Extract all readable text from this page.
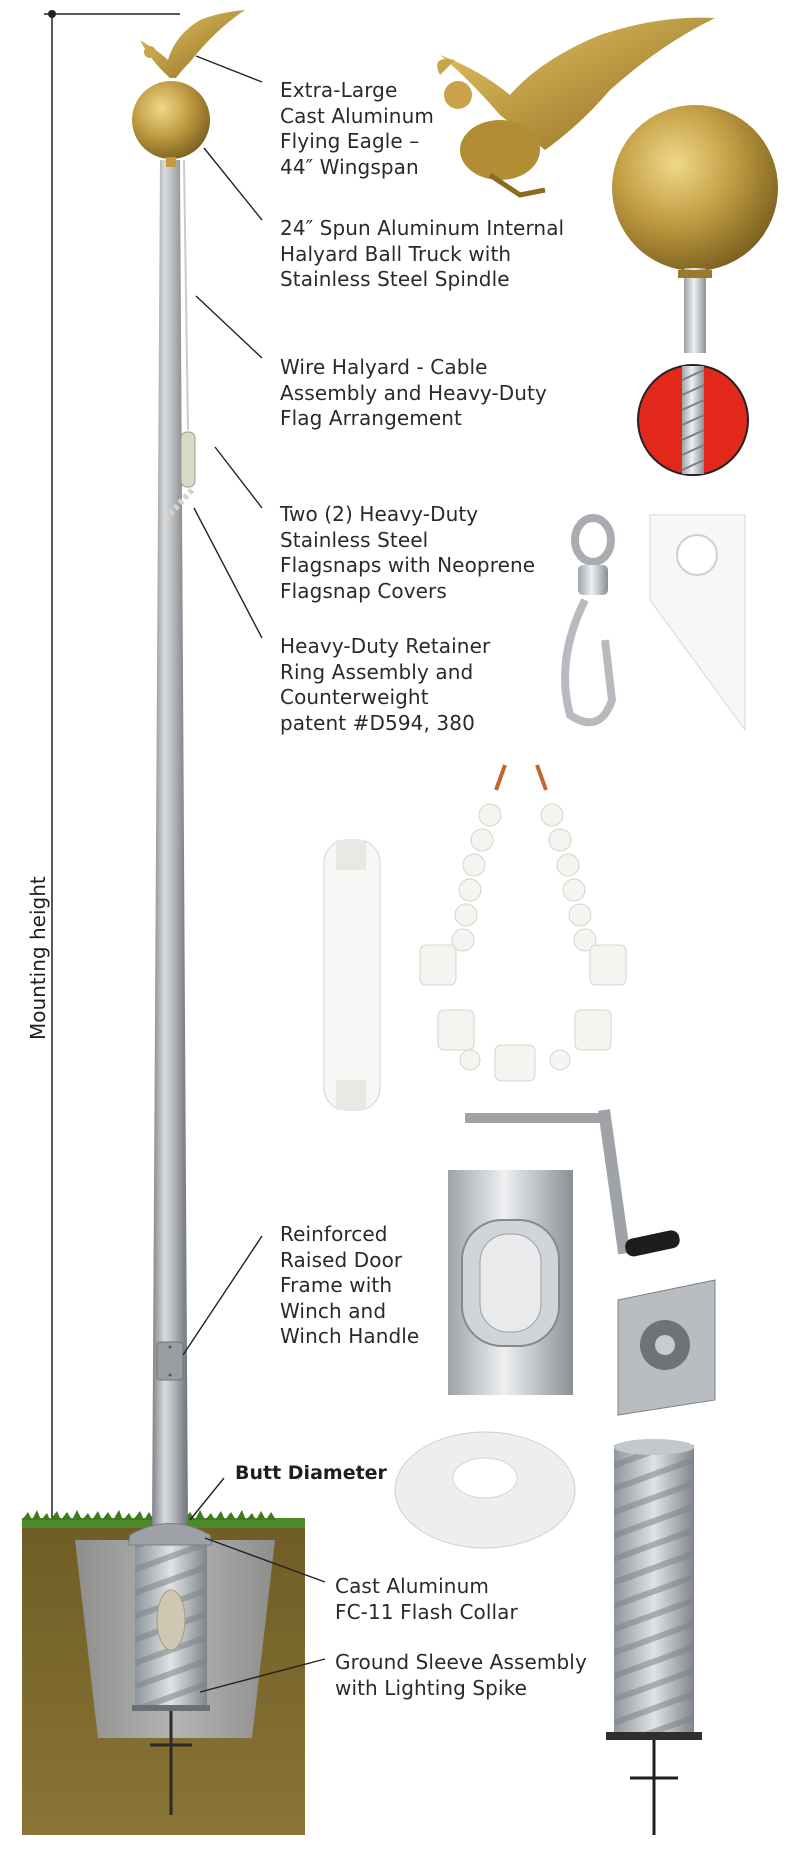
Mounting height
Extra-Large
Cast Aluminum
Flying Eagle –
44″ Wingspan
24″ Spun Aluminum Internal
Halyard Ball Truck with
Stainless Steel Spindle
Wire Halyard - Cable
Assembly and Heavy-Duty
Flag Arrangement
Two (2) Heavy-Duty
Stainless Steel
Flagsnaps with Neoprene
Flagsnap Covers
Heavy-Duty Retainer
Ring Assembly and
Counterweight
patent #D594, 380
Reinforced
Raised Door
Frame with
Winch and
Winch Handle
Butt Diameter
Cast Aluminum
FC-11 Flash Collar
Ground Sleeve Assembly
with Lighting Spike
